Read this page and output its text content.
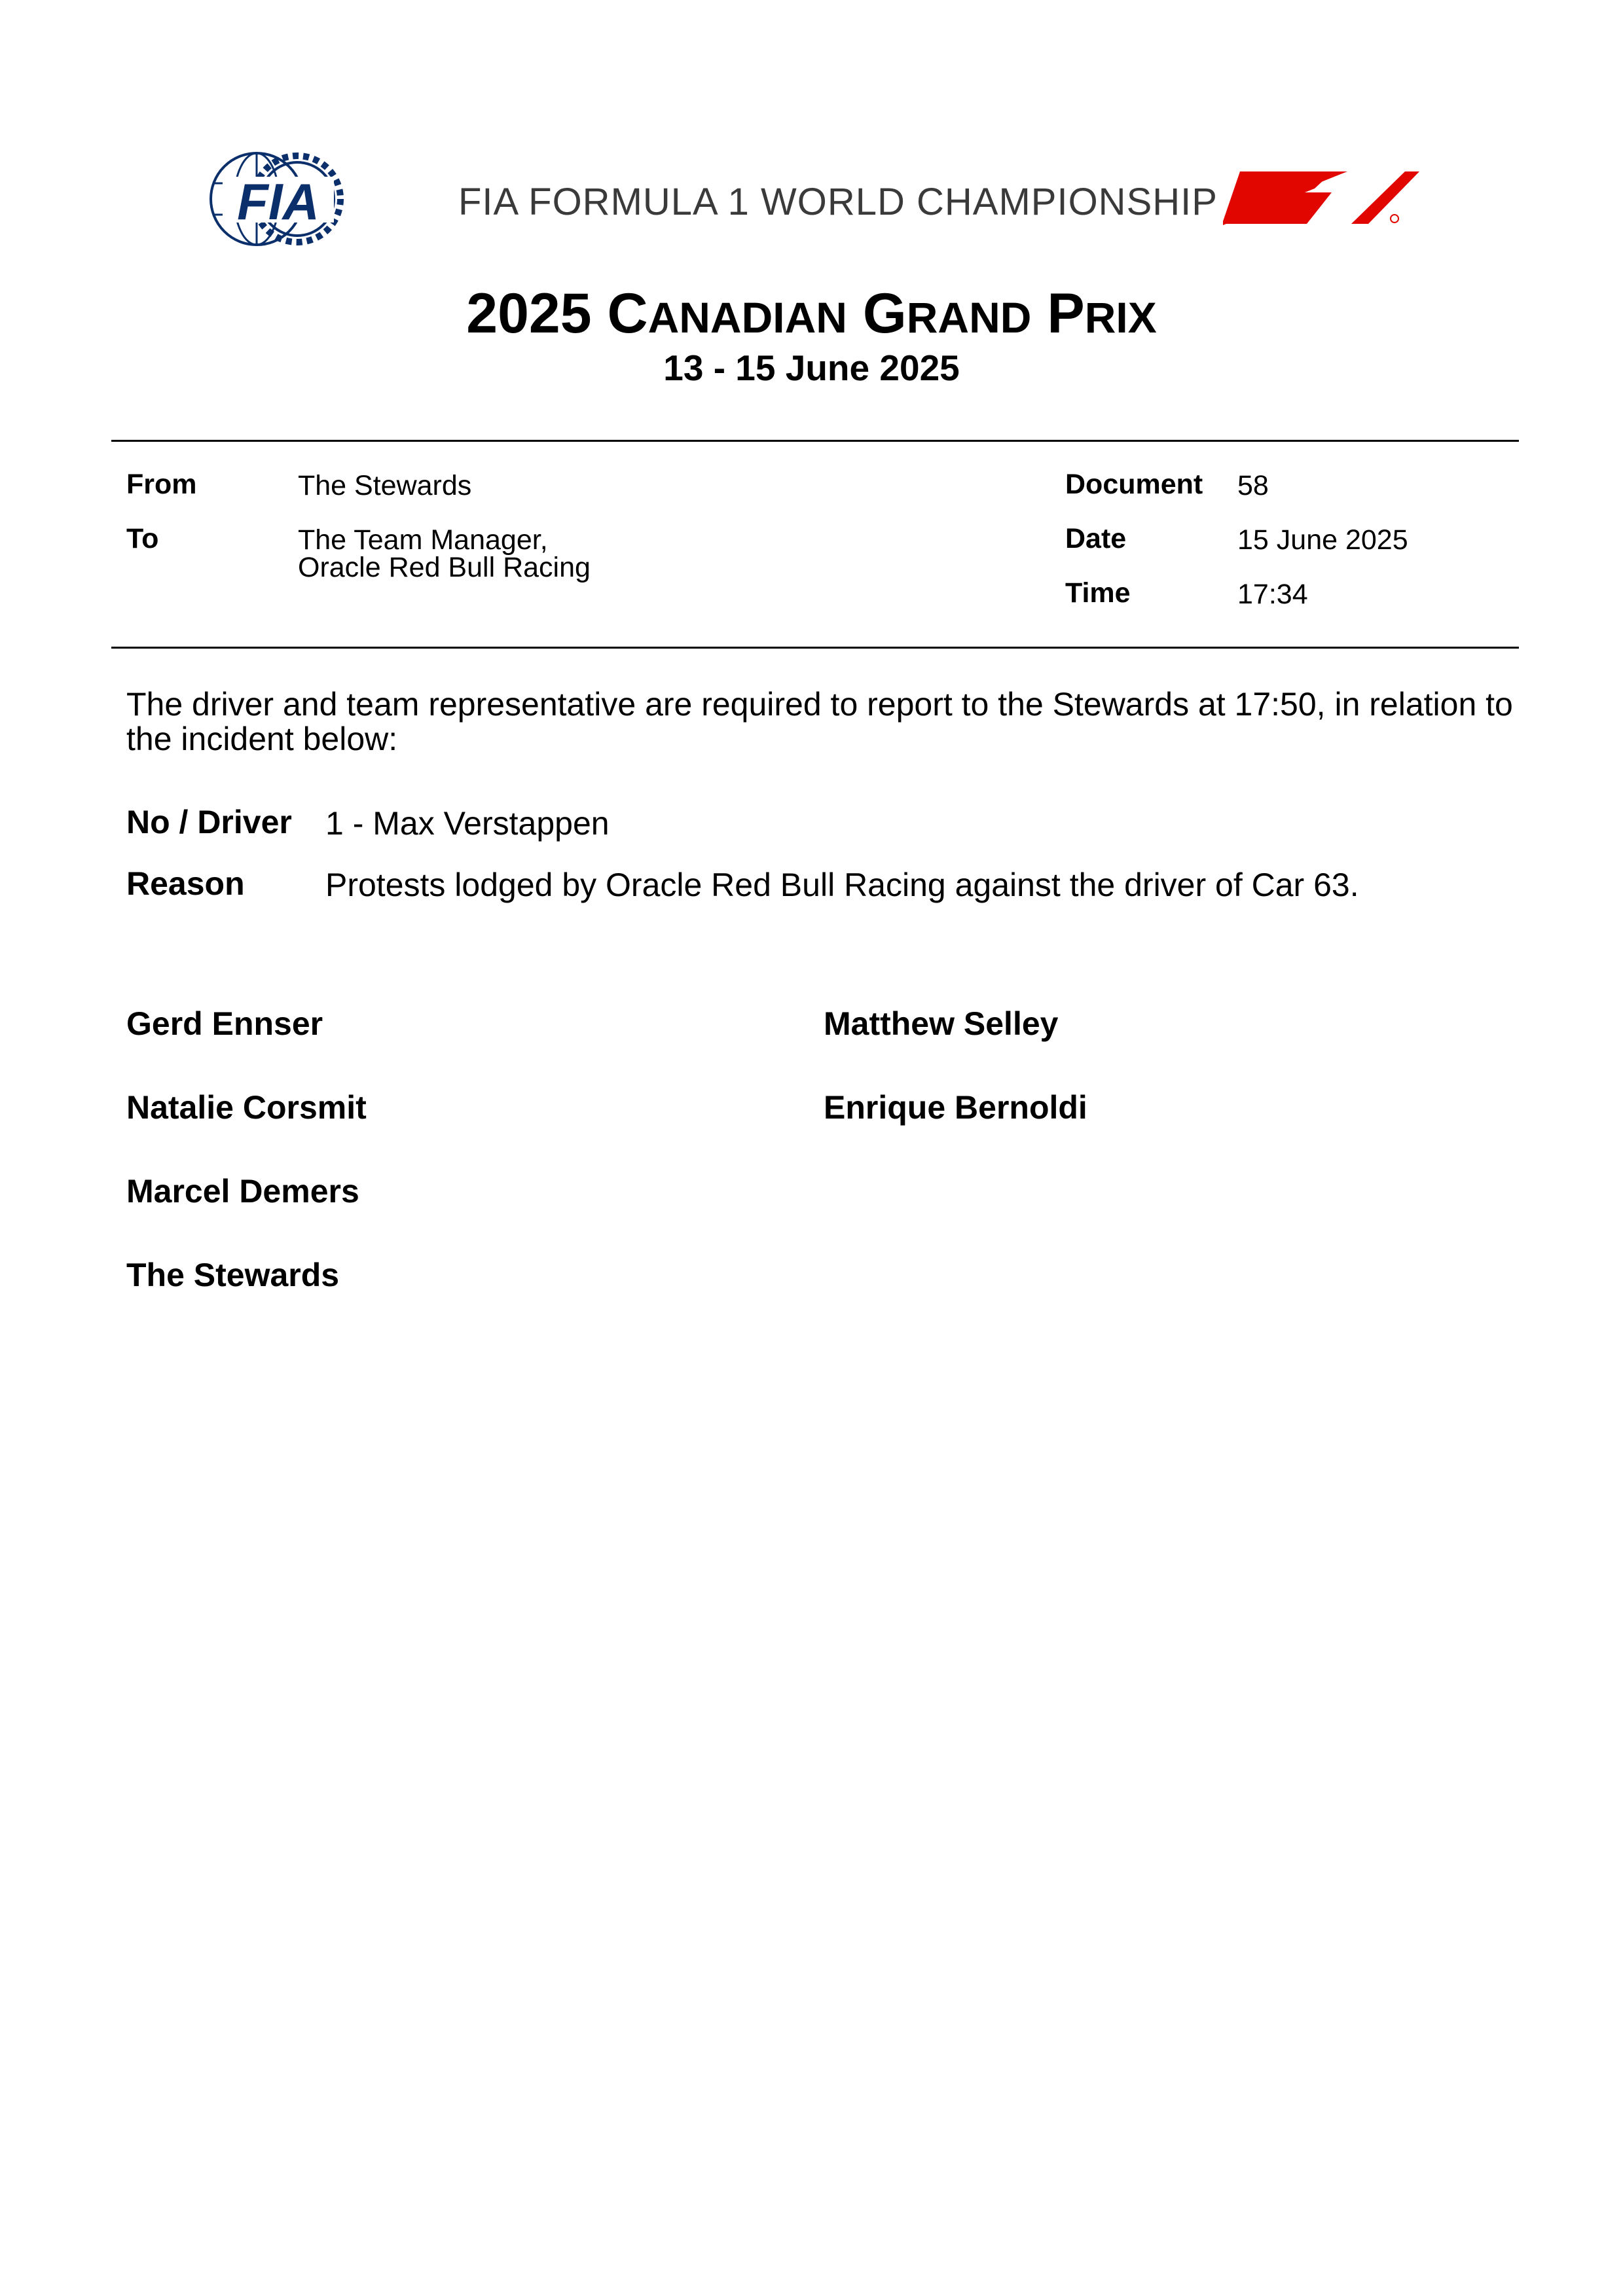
FIA	FIA FORMULA 1 WORLD CHAMPIONSHIP
2025 CANADIAN GRAND PRIX
13 - 15 June 2025
From	The Stewards
To	The Team Manager,
Oracle Red Bull Racing
Document 58
Date	15 June 2025
Time	17:34
The driver and team representative are required to report to the Stewards at 17:50, in relation to the incident below:
No / Driver 1 - Max Verstappen
Reason Protests lodged by Oracle Red Bull Racing against the driver of Car 63.
Gerd Ennser
Natalie Corsmit
Marcel Demers
The Stewards
Matthew Selley
Enrique Bernoldi
